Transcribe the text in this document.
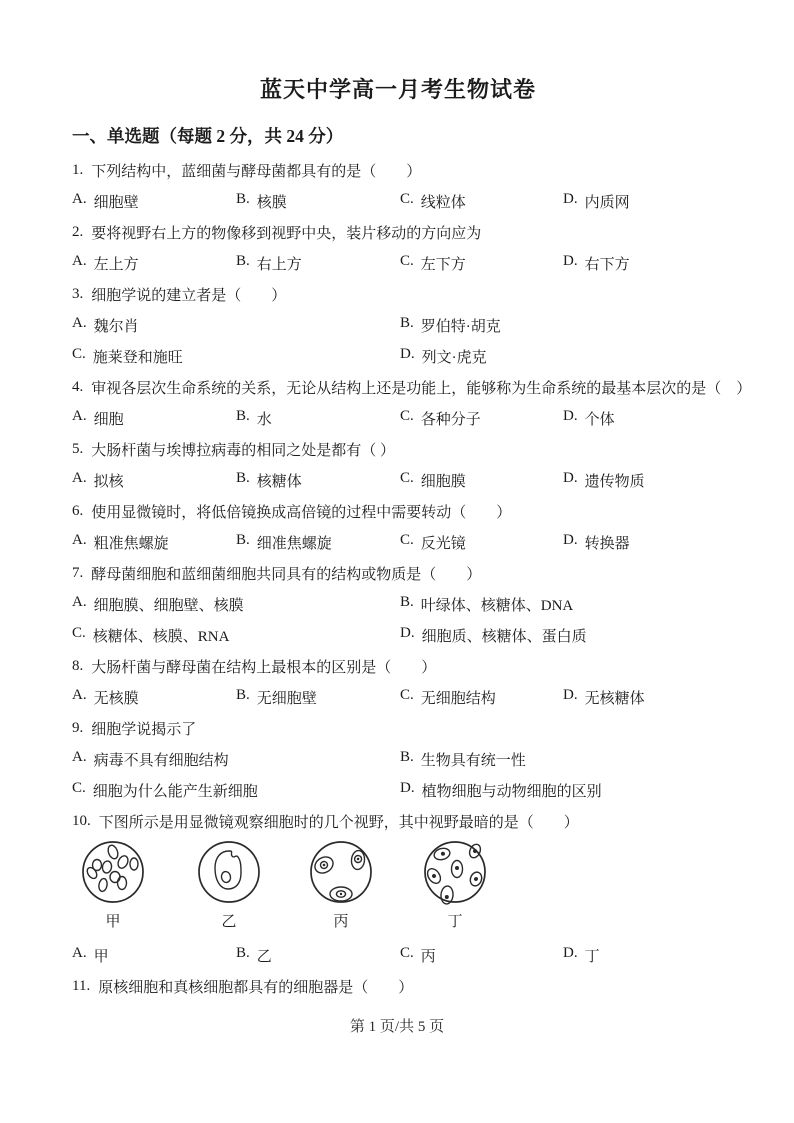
蓝天中学高一月考生物试卷
一、单选题（每题 2 分，共 24 分）
1. 下列结构中，蓝细菌与酵母菌都具有的是（　　）
A. 细胞壁	B. 核膜	C. 线粒体	D. 内质网
2. 要将视野右上方的物像移到视野中央，装片移动的方向应为
A. 左上方	B. 右上方	C. 左下方	D. 右下方
3. 细胞学说的建立者是（　　）
A. 魏尔肖	B. 罗伯特·胡克
C. 施莱登和施旺	D. 列文·虎克
4. 审视各层次生命系统的关系，无论从结构上还是功能上，能够称为生命系统的最基本层次的是（　）
A. 细胞	B. 水	C. 各种分子	D. 个体
5. 大肠杆菌与埃博拉病毒的相同之处是都有（ ）
A. 拟核	B. 核糖体	C. 细胞膜	D. 遗传物质
6. 使用显微镜时，将低倍镜换成高倍镜的过程中需要转动（　　）
A. 粗准焦螺旋	B. 细准焦螺旋	C. 反光镜	D. 转换器
7. 酵母菌细胞和蓝细菌细胞共同具有的结构或物质是（　　）
A. 细胞膜、细胞壁、核膜	B. 叶绿体、核糖体、DNA
C. 核糖体、核膜、RNA	D. 细胞质、核糖体、蛋白质
8. 大肠杆菌与酵母菌在结构上最根本的区别是（　　）
A. 无核膜	B. 无细胞壁	C. 无细胞结构	D. 无核糖体
9. 细胞学说揭示了
A. 病毒不具有细胞结构	B. 生物具有统一性
C. 细胞为什么能产生新细胞	D. 植物细胞与动物细胞的区别
10. 下图所示是用显微镜观察细胞时的几个视野，其中视野最暗的是（　　）
甲	乙	丙	丁
A. 甲	B. 乙	C. 丙	D. 丁
11. 原核细胞和真核细胞都具有的细胞器是（　　）
第 1 页/共 5 页
